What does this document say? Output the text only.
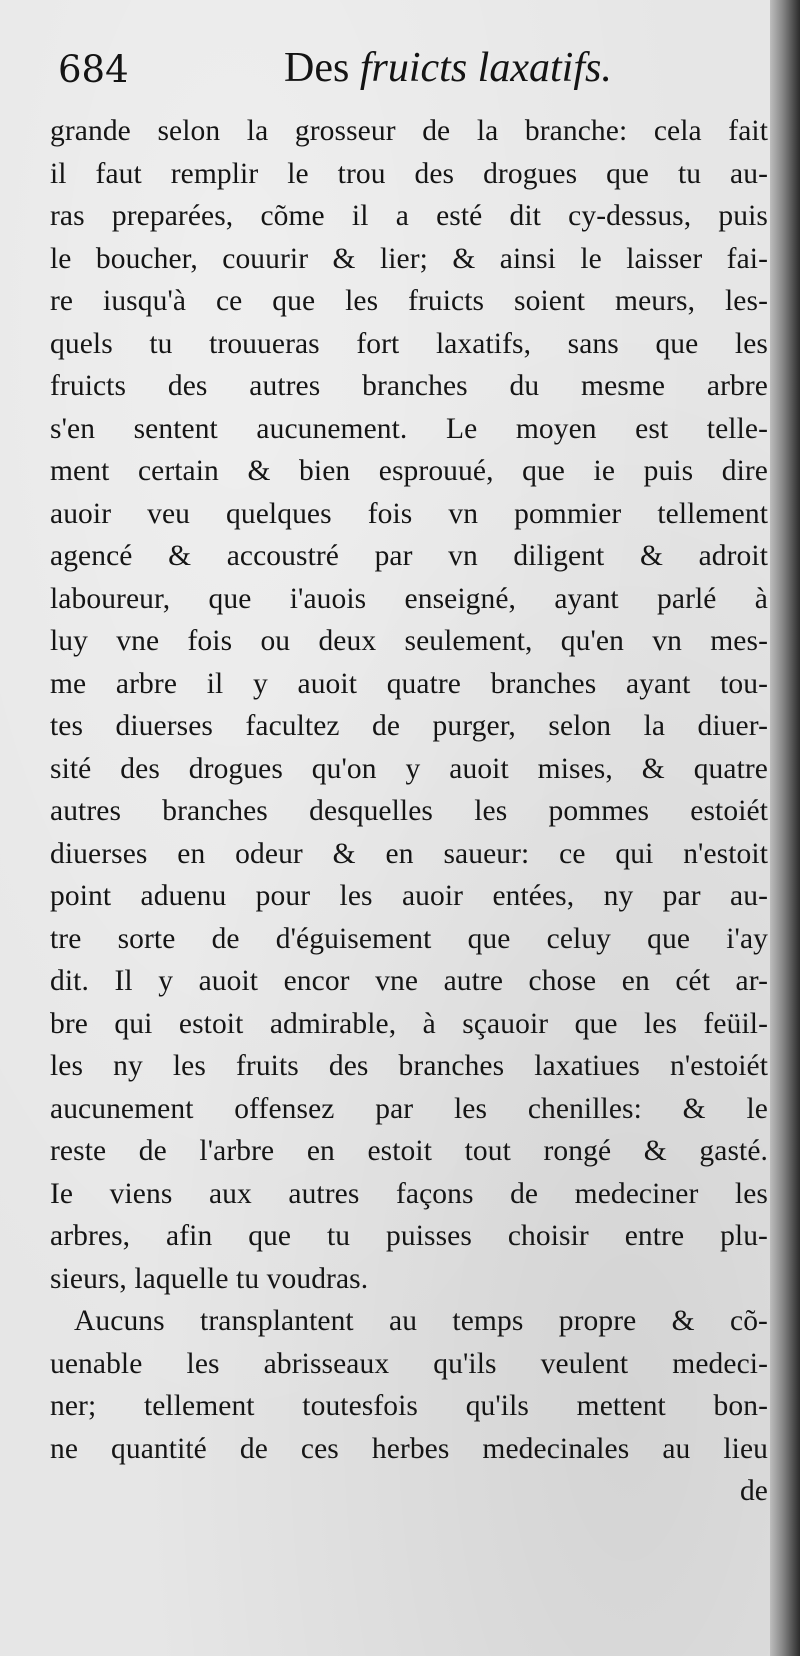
684	Des fruicts laxatifs.
grande selon la grosseur de la branche: cela fait
il faut remplir le trou des drogues que tu au-
ras preparées, cõme il a esté dit cy-dessus, puis
le boucher, couurir & lier; & ainsi le laisser fai-
re iusqu'à ce que les fruicts soient meurs, les-
quels tu trouueras fort laxatifs, sans que les
fruicts des autres branches du mesme arbre
s'en sentent aucunement. Le moyen est telle-
ment certain & bien esprouué, que ie puis dire
auoir veu quelques fois vn pommier tellement
agencé & accoustré par vn diligent & adroit
laboureur, que i'auois enseigné, ayant parlé à
luy vne fois ou deux seulement, qu'en vn mes-
me arbre il y auoit quatre branches ayant tou-
tes diuerses facultez de purger, selon la diuer-
sité des drogues qu'on y auoit mises, & quatre
autres branches desquelles les pommes estoiét
diuerses en odeur & en saueur: ce qui n'estoit
point aduenu pour les auoir entées, ny par au-
tre sorte de d'éguisement que celuy que i'ay
dit. Il y auoit encor vne autre chose en cét ar-
bre qui estoit admirable, à sçauoir que les feüil-
les ny les fruits des branches laxatiues n'estoiét
aucunement offensez par les chenilles: & le
reste de l'arbre en estoit tout rongé & gasté.
Ie viens aux autres façons de medeciner les
arbres, afin que tu puisses choisir entre plu-
sieurs, laquelle tu voudras.
Aucuns transplantent au temps propre & cõ-
uenable les abrisseaux qu'ils veulent medeci-
ner; tellement toutesfois qu'ils mettent bon-
ne quantité de ces herbes medecinales au lieu
de
